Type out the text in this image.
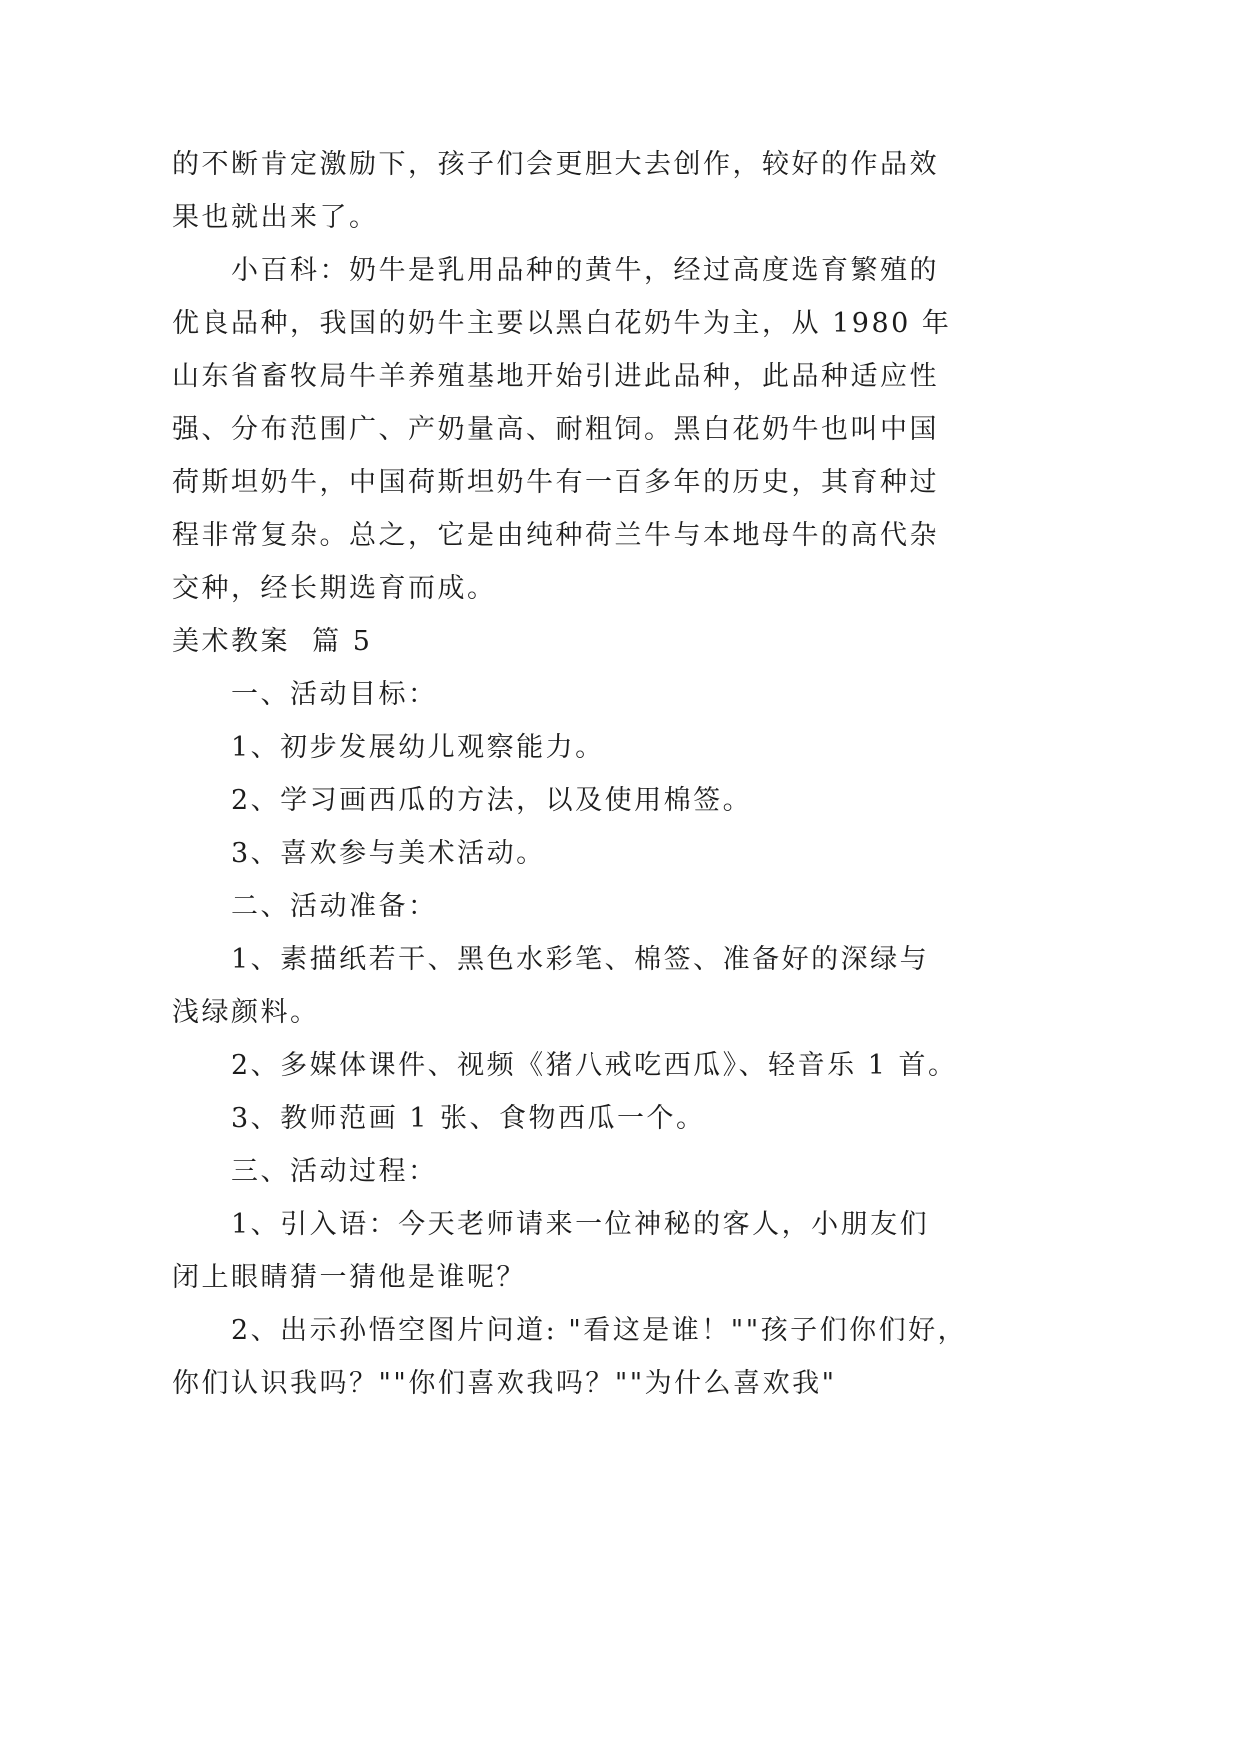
的不断肯定激励下，孩子们会更胆大去创作，较好的作品效
果也就出来了。
小百科：奶牛是乳用品种的黄牛，经过高度选育繁殖的
优良品种，我国的奶牛主要以黑白花奶牛为主，从 1980 年
山东省畜牧局牛羊养殖基地开始引进此品种，此品种适应性
强、分布范围广、产奶量高、耐粗饲。黑白花奶牛也叫中国
荷斯坦奶牛，中国荷斯坦奶牛有一百多年的历史，其育种过
程非常复杂。总之，它是由纯种荷兰牛与本地母牛的高代杂
交种，经长期选育而成。
美术教案  篇 5
一、活动目标：
1、初步发展幼儿观察能力。
2、学习画西瓜的方法，以及使用棉签。
3、喜欢参与美术活动。
二、活动准备：
1、素描纸若干、黑色水彩笔、棉签、准备好的深绿与
浅绿颜料。
2、多媒体课件、视频《猪八戒吃西瓜》、轻音乐 1 首。
3、教师范画 1 张、食物西瓜一个。
三、活动过程：
1、引入语：今天老师请来一位神秘的客人，小朋友们
闭上眼睛猜一猜他是谁呢？
2、出示孙悟空图片问道: "看这是谁！""孩子们你们好，
你们认识我吗？""你们喜欢我吗？""为什么喜欢我"
